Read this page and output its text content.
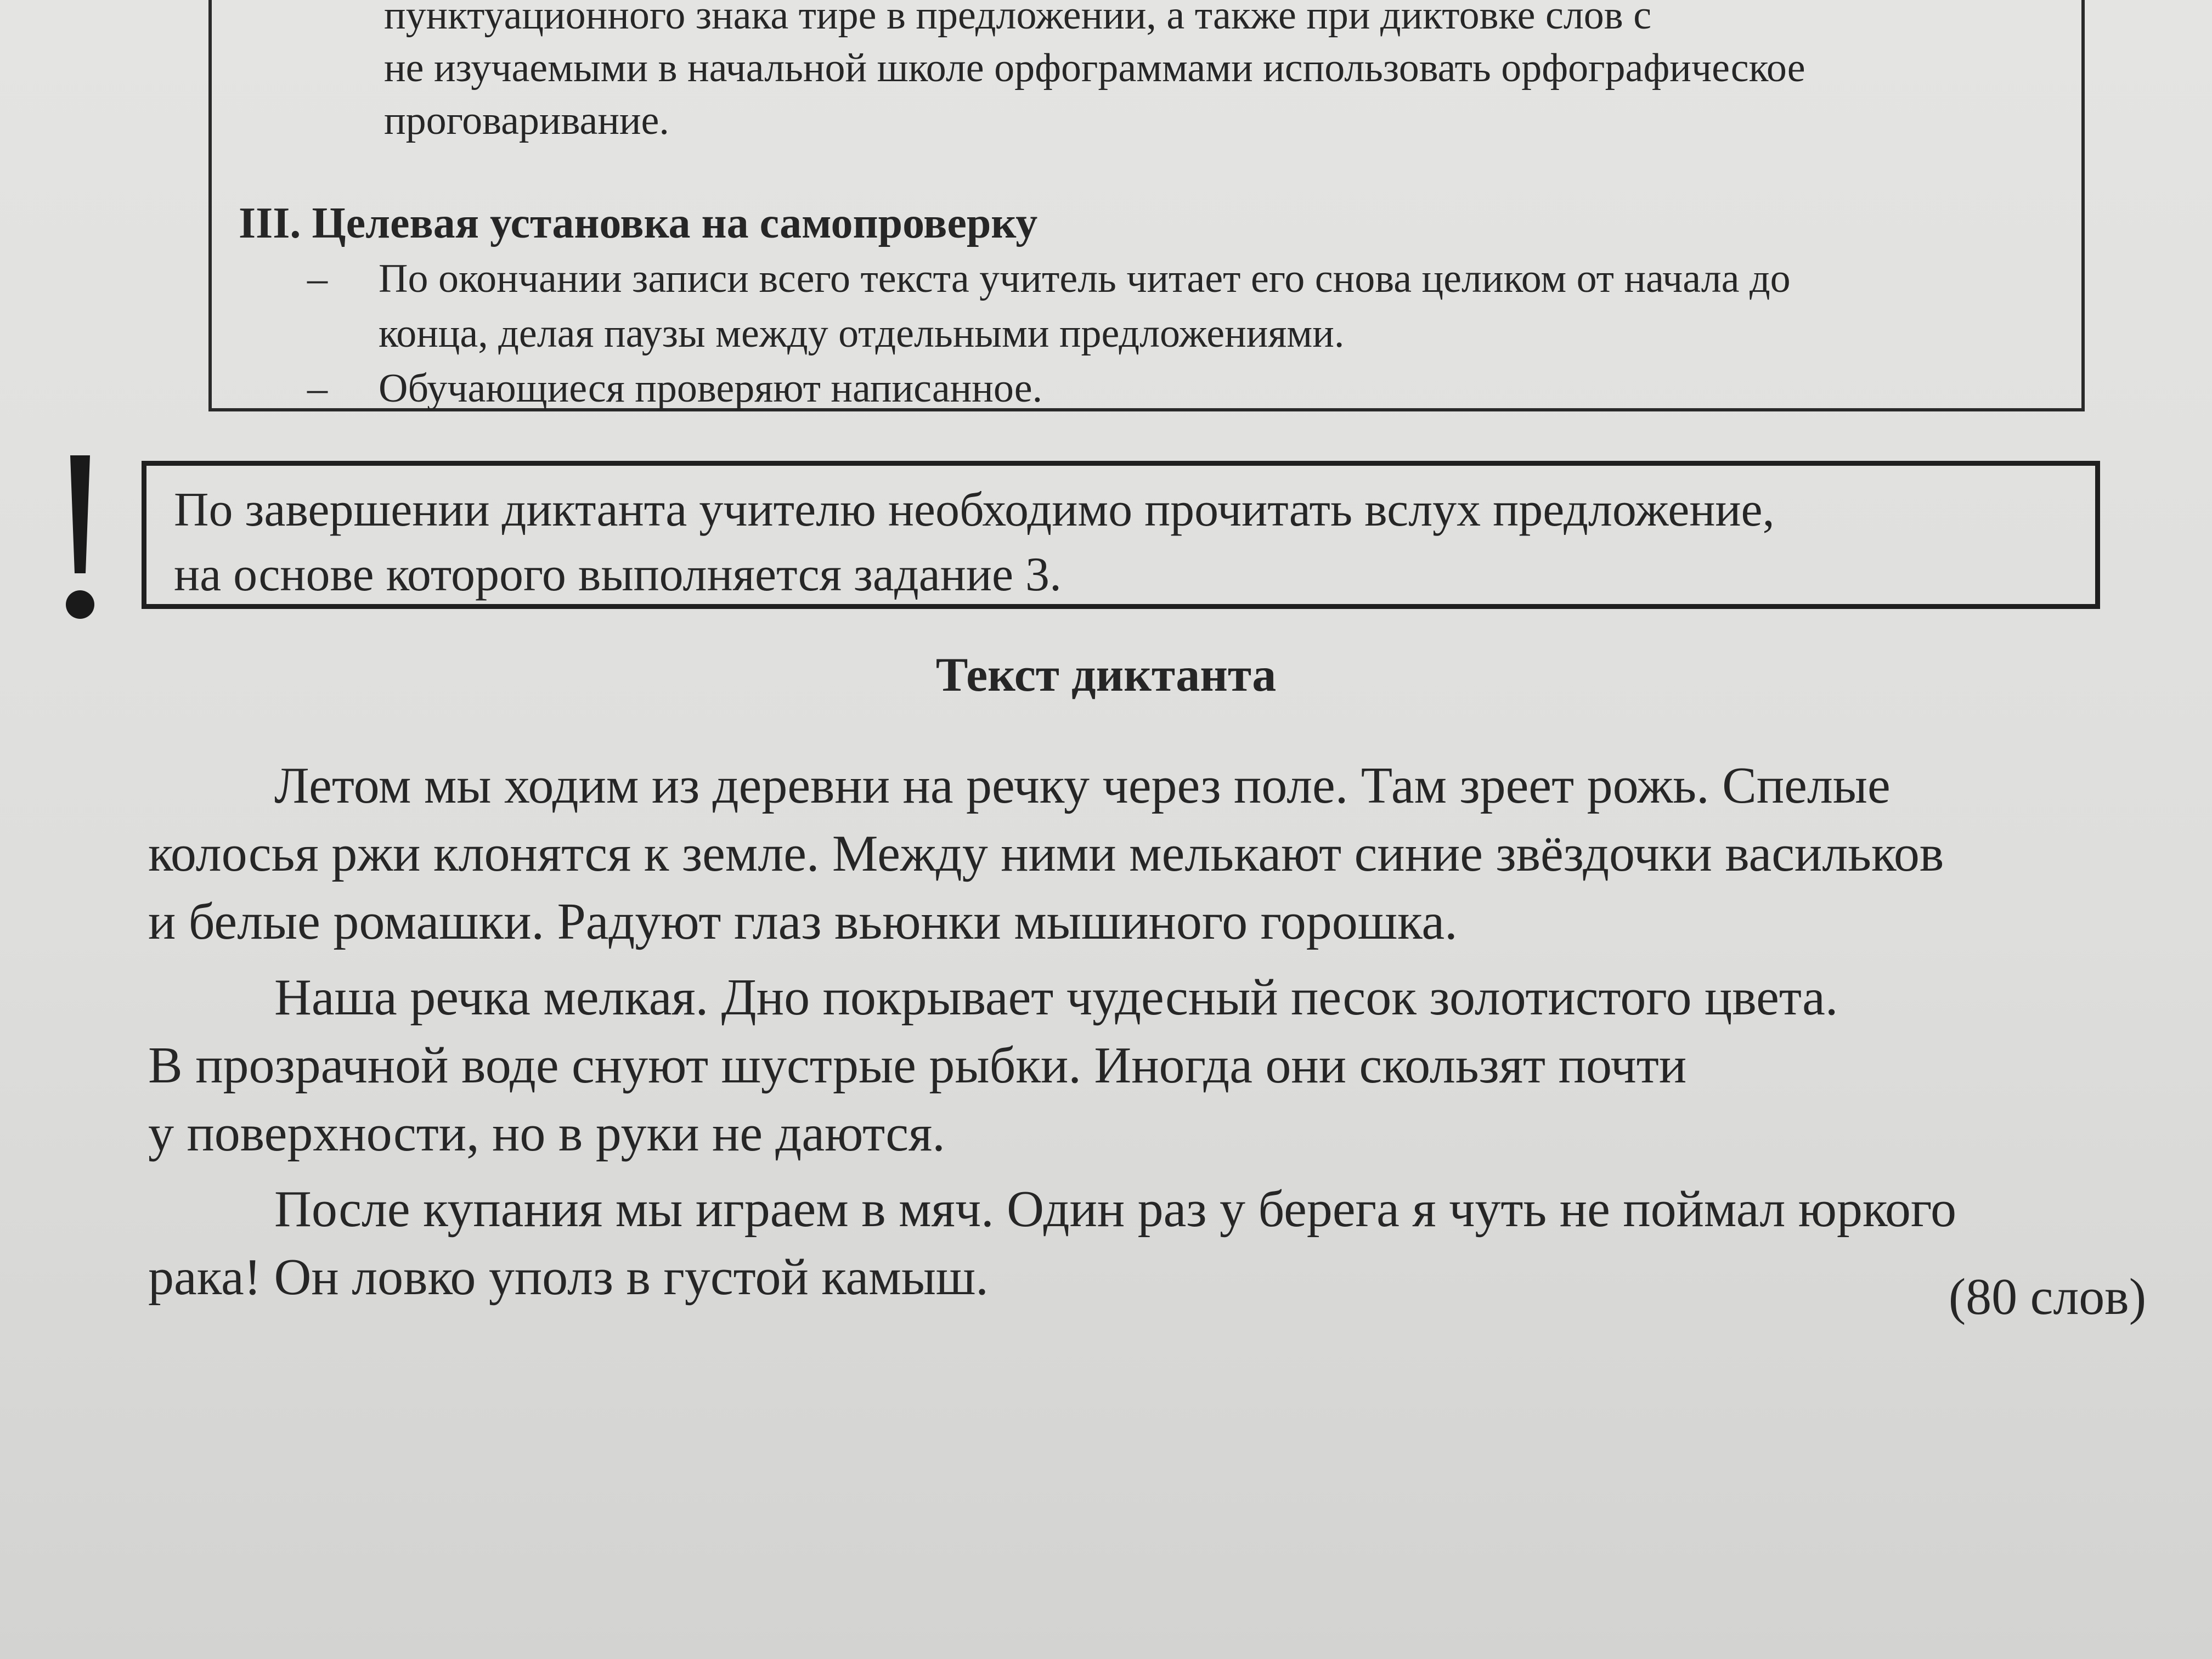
пунктуационного знака тире в предложении, а также при диктовке слов с
не изучаемыми в начальной школе орфограммами использовать орфографическое
проговаривание.

III. Целевая установка на самопроверку
– По окончании записи всего текста учитель читает его снова целиком от начала до
конца, делая паузы между отдельными предложениями.
– Обучающиеся проверяют написанное.
По завершении диктанта учителю необходимо прочитать вслух предложение,
на основе которого выполняется задание 3.
Текст диктанта

Летом мы ходим из деревни на речку через поле. Там зреет рожь. Спелые
колосья ржи клонятся к земле. Между ними мелькают синие звёздочки васильков
и белые ромашки. Радуют глаз вьюнки мышиного горошка.

Наша речка мелкая. Дно покрывает чудесный песок золотистого цвета.
В прозрачной воде снуют шустрые рыбки. Иногда они скользят почти
у поверхности, но в руки не даются.

После купания мы играем в мяч. Один раз у берега я чуть не поймал юркого
рака! Он ловко уполз в густой камыш.	(80 слов)
